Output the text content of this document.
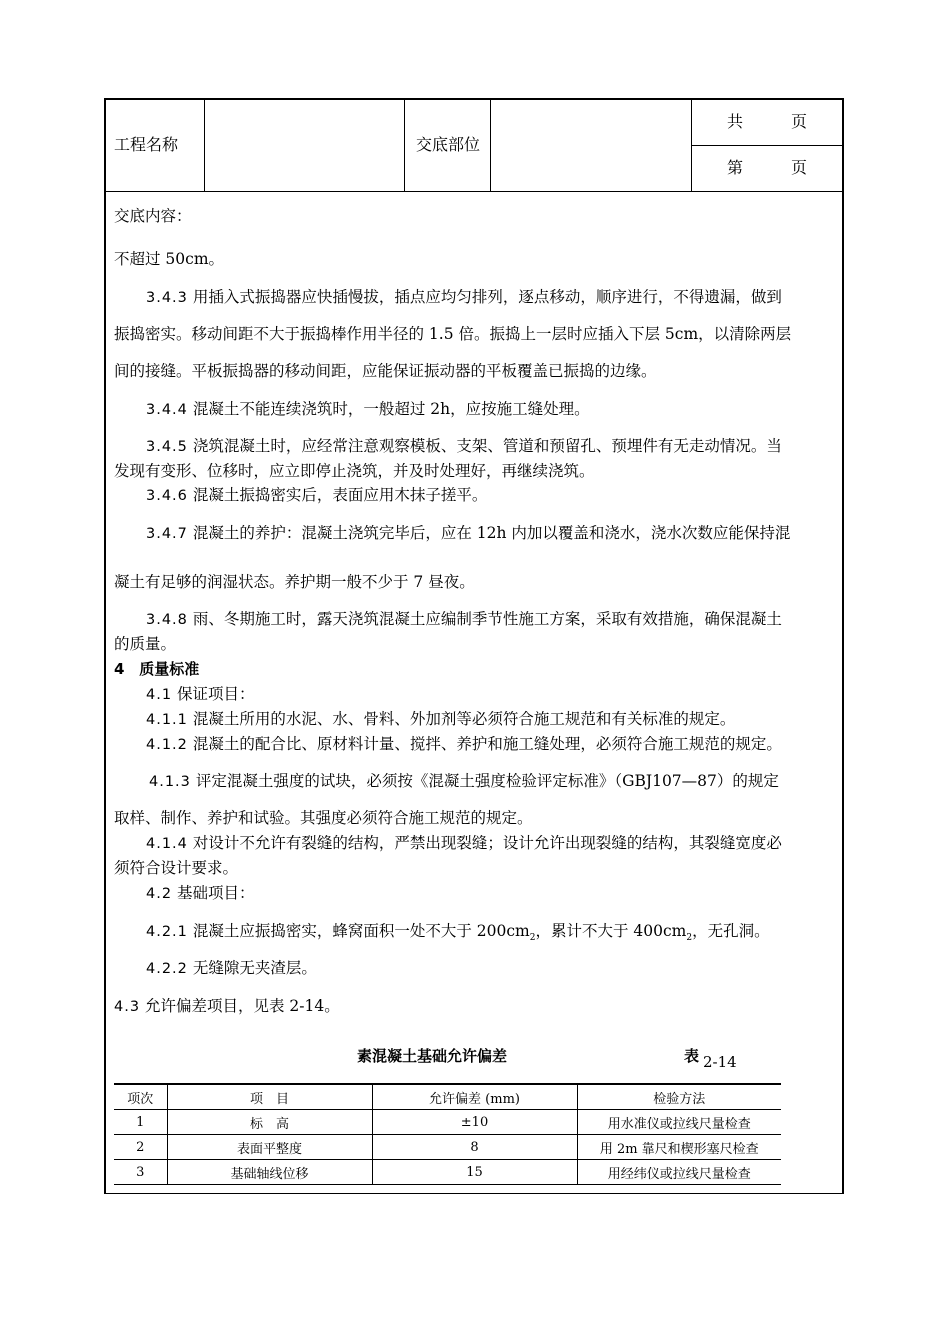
工程名称	交底部位
共　　　页
第　　　页
交底内容：
不超过 50cm。
3.4.3 用插入式振捣器应快插慢拔，插点应均匀排列，逐点移动，顺序进行，不得遗漏，做到
振捣密实。移动间距不大于振捣棒作用半径的 1.5 倍。振捣上一层时应插入下层 5cm，以清除两层
间的接缝。平板振捣器的移动间距，应能保证振动器的平板覆盖已振捣的边缘。
3.4.4 混凝土不能连续浇筑时，一般超过 2h，应按施工缝处理。
3.4.5 浇筑混凝土时，应经常注意观察模板、支架、管道和预留孔、预埋件有无走动情况。当
发现有变形、位移时，应立即停止浇筑，并及时处理好，再继续浇筑。
3.4.6 混凝土振捣密实后，表面应用木抹子搓平。
3.4.7 混凝土的养护：混凝土浇筑完毕后，应在 12h 内加以覆盖和浇水，浇水次数应能保持混
凝土有足够的润湿状态。养护期一般不少于 7 昼夜。
3.4.8 雨、冬期施工时，露天浇筑混凝土应编制季节性施工方案，采取有效措施，确保混凝土
的质量。
4 质量标准
4.1 保证项目：
4.1.1 混凝土所用的水泥、水、骨料、外加剂等必须符合施工规范和有关标准的规定。
4.1.2 混凝土的配合比、原材料计量、搅拌、养护和施工缝处理，必须符合施工规范的规定。
4.1.3 评定混凝土强度的试块，必须按《混凝土强度检验评定标准》（GBJ107—87）的规定
取样、制作、养护和试验。其强度必须符合施工规范的规定。
4.1.4 对设计不允许有裂缝的结构，严禁出现裂缝；设计允许出现裂缝的结构，其裂缝宽度必
须符合设计要求。
4.2 基础项目：
4.2.1 混凝土应振捣密实，蜂窝面积一处不大于 $200cm_2$，累计不大于 $400cm_2$，无孔洞。
4.2.2 无缝隙无夹渣层。
4.3 允许偏差项目，见表 2-14。
素混凝土基础允许偏差	表 2-14
项次	项　目	允许偏差 (mm)	检验方法
1	标　高	±10	用水准仪或拉线尺量检查
2	表面平整度	8	用 2m 靠尺和楔形塞尺检查
3	基础轴线位移	15	用经纬仪或拉线尺量检查
